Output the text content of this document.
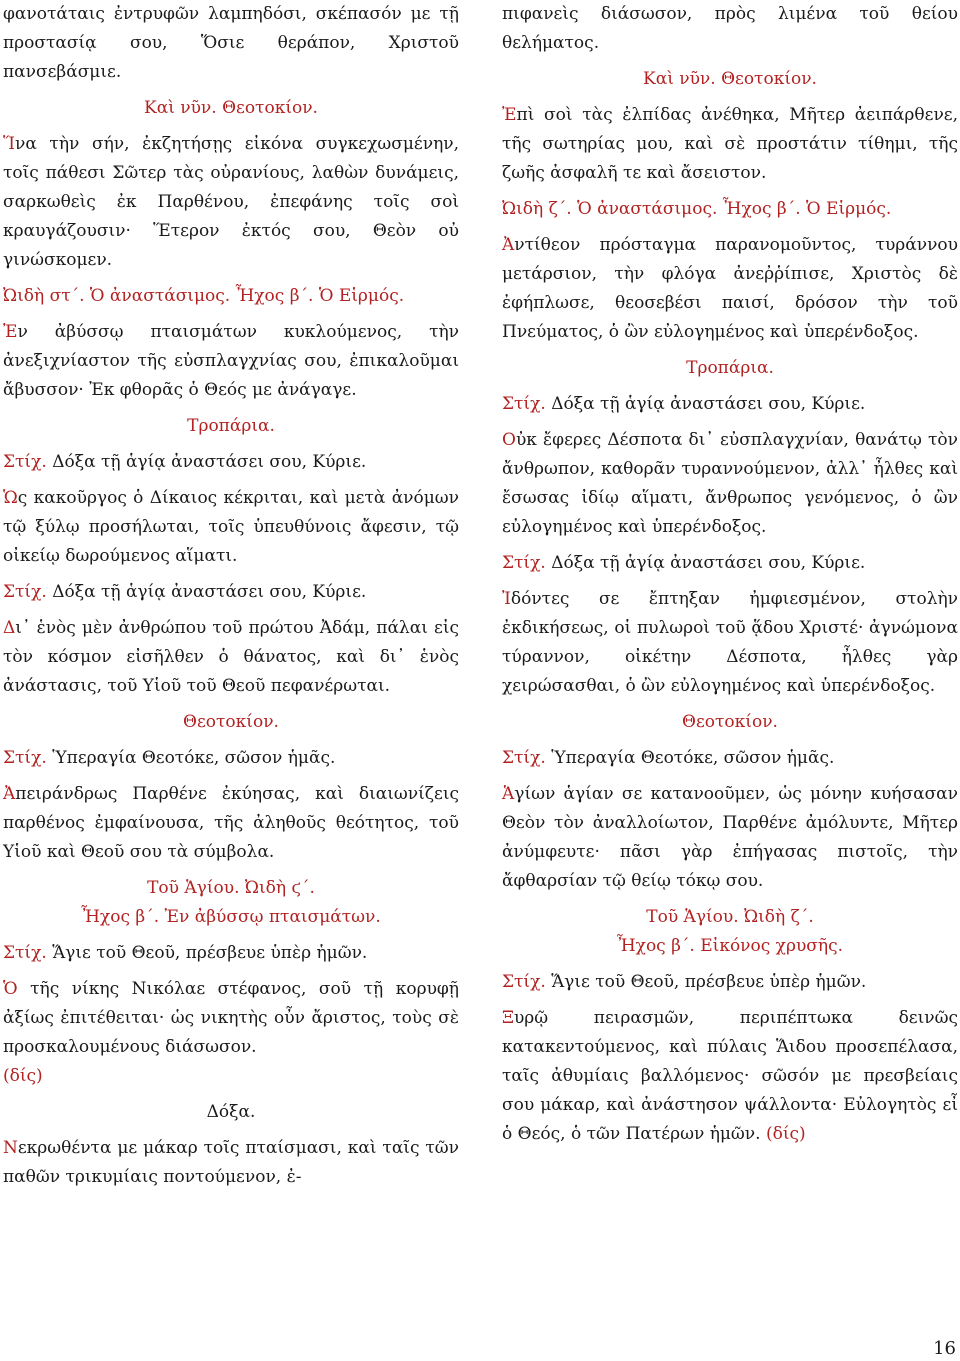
φανοτάταις ἐντρυφῶν λαμπηδόσι, σκέπασόν με τῇ προστασίᾳ σου, Ὅσιε θεράπον, Χριστοῦ πανσεβάσμιε.

Καὶ νῦν. Θεοτοκίον.

Ἵνα τὴν σήν, ἐκζητήσῃς εἰκόνα συγκεχωσμένην, τοῖς πάθεσι Σῶτερ τὰς οὐρανίους, λαθὼν δυνάμεις, σαρκωθεὶς ἐκ Παρθένου, ἐπεφάνης τοῖς σοὶ κραυγάζουσιν· Ἕτερον ἐκτός σου, Θεὸν οὐ γινώσκομεν.

Ὠιδὴ στ΄. Ὁ ἀναστάσιμος. Ἦχος β΄. Ὁ Εἱρμός.

Ἐν ἀβύσσῳ πταισμάτων κυκλούμενος, τὴν ἀνεξιχνίαστον τῆς εὐσπλαγχνίας σου, ἐπικαλοῦμαι ἄβυσσον· Ἐκ φθορᾶς ὁ Θεός με ἀνάγαγε.

Τροπάρια.
Στίχ. Δόξα τῇ ἁγίᾳ ἀναστάσει σου, Κύριε.

Ὡς κακοῦργος ὁ Δίκαιος κέκριται, καὶ μετὰ ἀνόμων τῷ ξύλῳ προσήλωται, τοῖς ὑπευθύνοις ἄφεσιν, τῷ οἰκείῳ δωρούμενος αἵματι.

Στίχ. Δόξα τῇ ἁγίᾳ ἀναστάσει σου, Κύριε.

Δι᾽ ἑνὸς μὲν ἀνθρώπου τοῦ πρώτου Ἀδάμ, πάλαι εἰς τὸν κόσμον εἰσῆλθεν ὁ θάνατος, καὶ δι᾽ ἑνὸς ἀνάστασις, τοῦ Υἱοῦ τοῦ Θεοῦ πεφανέρωται.

Θεοτοκίον.
Στίχ. Ὑπεραγία Θεοτόκε, σῶσον ἡμᾶς.

Ἀπειράνδρως Παρθένε ἐκύησας, καὶ διαιωνίζεις παρθένος ἐμφαίνουσα, τῆς ἀληθοῦς θεότητος, τοῦ Υἱοῦ καὶ Θεοῦ σου τὰ σύμβολα.

Τοῦ Ἁγίου. Ὠιδὴ ϛ΄.
Ἦχος β΄. Ἐν ἀβύσσῳ πταισμάτων.
Στίχ. Ἅγιε τοῦ Θεοῦ, πρέσβευε ὑπὲρ ἡμῶν.

Ὁ τῆς νίκης Νικόλαε στέφανος, σοῦ τῇ κορυφῇ ἀξίως ἐπιτέθειται· ὡς νικητὴς οὖν ἄριστος, τοὺς σὲ προσκαλουμένους διάσωσον.
(δίς)

Δόξα.

Νεκρωθέντα με μάκαρ τοῖς πταίσμασι, καὶ ταῖς τῶν παθῶν τρικυμίαις ποντούμενον, ἐ-

πιφανεὶς διάσωσον, πρὸς λιμένα τοῦ θείου θελήματος.

Καὶ νῦν. Θεοτοκίον.

Ἐπὶ σοὶ τὰς ἐλπίδας ἀνέθηκα, Μῆτερ ἀειπάρθενε, τῆς σωτηρίας μου, καὶ σὲ προστάτιν τίθημι, τῆς ζωῆς ἀσφαλῆ τε καὶ ἄσειστον.

Ὠιδὴ ζ΄. Ὁ ἀναστάσιμος. Ἦχος β΄. Ὁ Εἱρμός.

Ἀντίθεον πρόσταγμα παρανομοῦντος, τυράννου μετάρσιον, τὴν φλόγα ἀνεῤῥίπισε, Χριστὸς δὲ ἐφήπλωσε, θεοσεβέσι παισί, δρόσον τὴν τοῦ Πνεύματος, ὁ ὢν εὐλογημένος καὶ ὑπερένδοξος.

Τροπάρια.
Στίχ. Δόξα τῇ ἁγίᾳ ἀναστάσει σου, Κύριε.

Οὐκ ἔφερες Δέσποτα δι᾽ εὐσπλαγχνίαν, θανάτῳ τὸν ἄνθρωπον, καθορᾶν τυραννούμενον, ἀλλ᾽ ἦλθες καὶ ἔσωσας ἰδίῳ αἵματι, ἄνθρωπος γενόμενος, ὁ ὢν εὐλογημένος καὶ ὑπερένδοξος.

Στίχ. Δόξα τῇ ἁγίᾳ ἀναστάσει σου, Κύριε.

Ἰδόντες σε ἔπτηξαν ἠμφιεσμένον, στολὴν ἐκδικήσεως, οἱ πυλωροὶ τοῦ ᾅδου Χριστέ· ἀγνώμονα τύραννον, οἰκέτην Δέσποτα, ἦλθες γὰρ χειρώσασθαι, ὁ ὢν εὐλογημένος καὶ ὑπερένδοξος.

Θεοτοκίον.
Στίχ. Ὑπεραγία Θεοτόκε, σῶσον ἡμᾶς.

Ἁγίων ἁγίαν σε κατανοοῦμεν, ὡς μόνην κυήσασαν Θεὸν τὸν ἀναλλοίωτον, Παρθένε ἀμόλυντε, Μῆτερ ἀνύμφευτε· πᾶσι γὰρ ἐπήγασας πιστοῖς, τὴν ἄφθαρσίαν τῷ θείῳ τόκῳ σου.

Τοῦ Ἁγίου. Ὠιδὴ ζ΄.
Ἦχος β΄. Εἰκόνος χρυσῆς.
Στίχ. Ἅγιε τοῦ Θεοῦ, πρέσβευε ὑπὲρ ἡμῶν.

Ξυρῷ πειρασμῶν, περιπέπτωκα δεινῶς κατακεντούμενος, καὶ πύλαις Ἅιδου προσεπέλασα, ταῖς ἀθυμίαις βαλλόμενος· σῶσόν με πρεσβείαις σου μάκαρ, καὶ ἀνάστησον ψάλλοντα· Εὐλογητὸς εἶ ὁ Θεός, ὁ τῶν Πατέρων ἡμῶν. (δίς)

16
